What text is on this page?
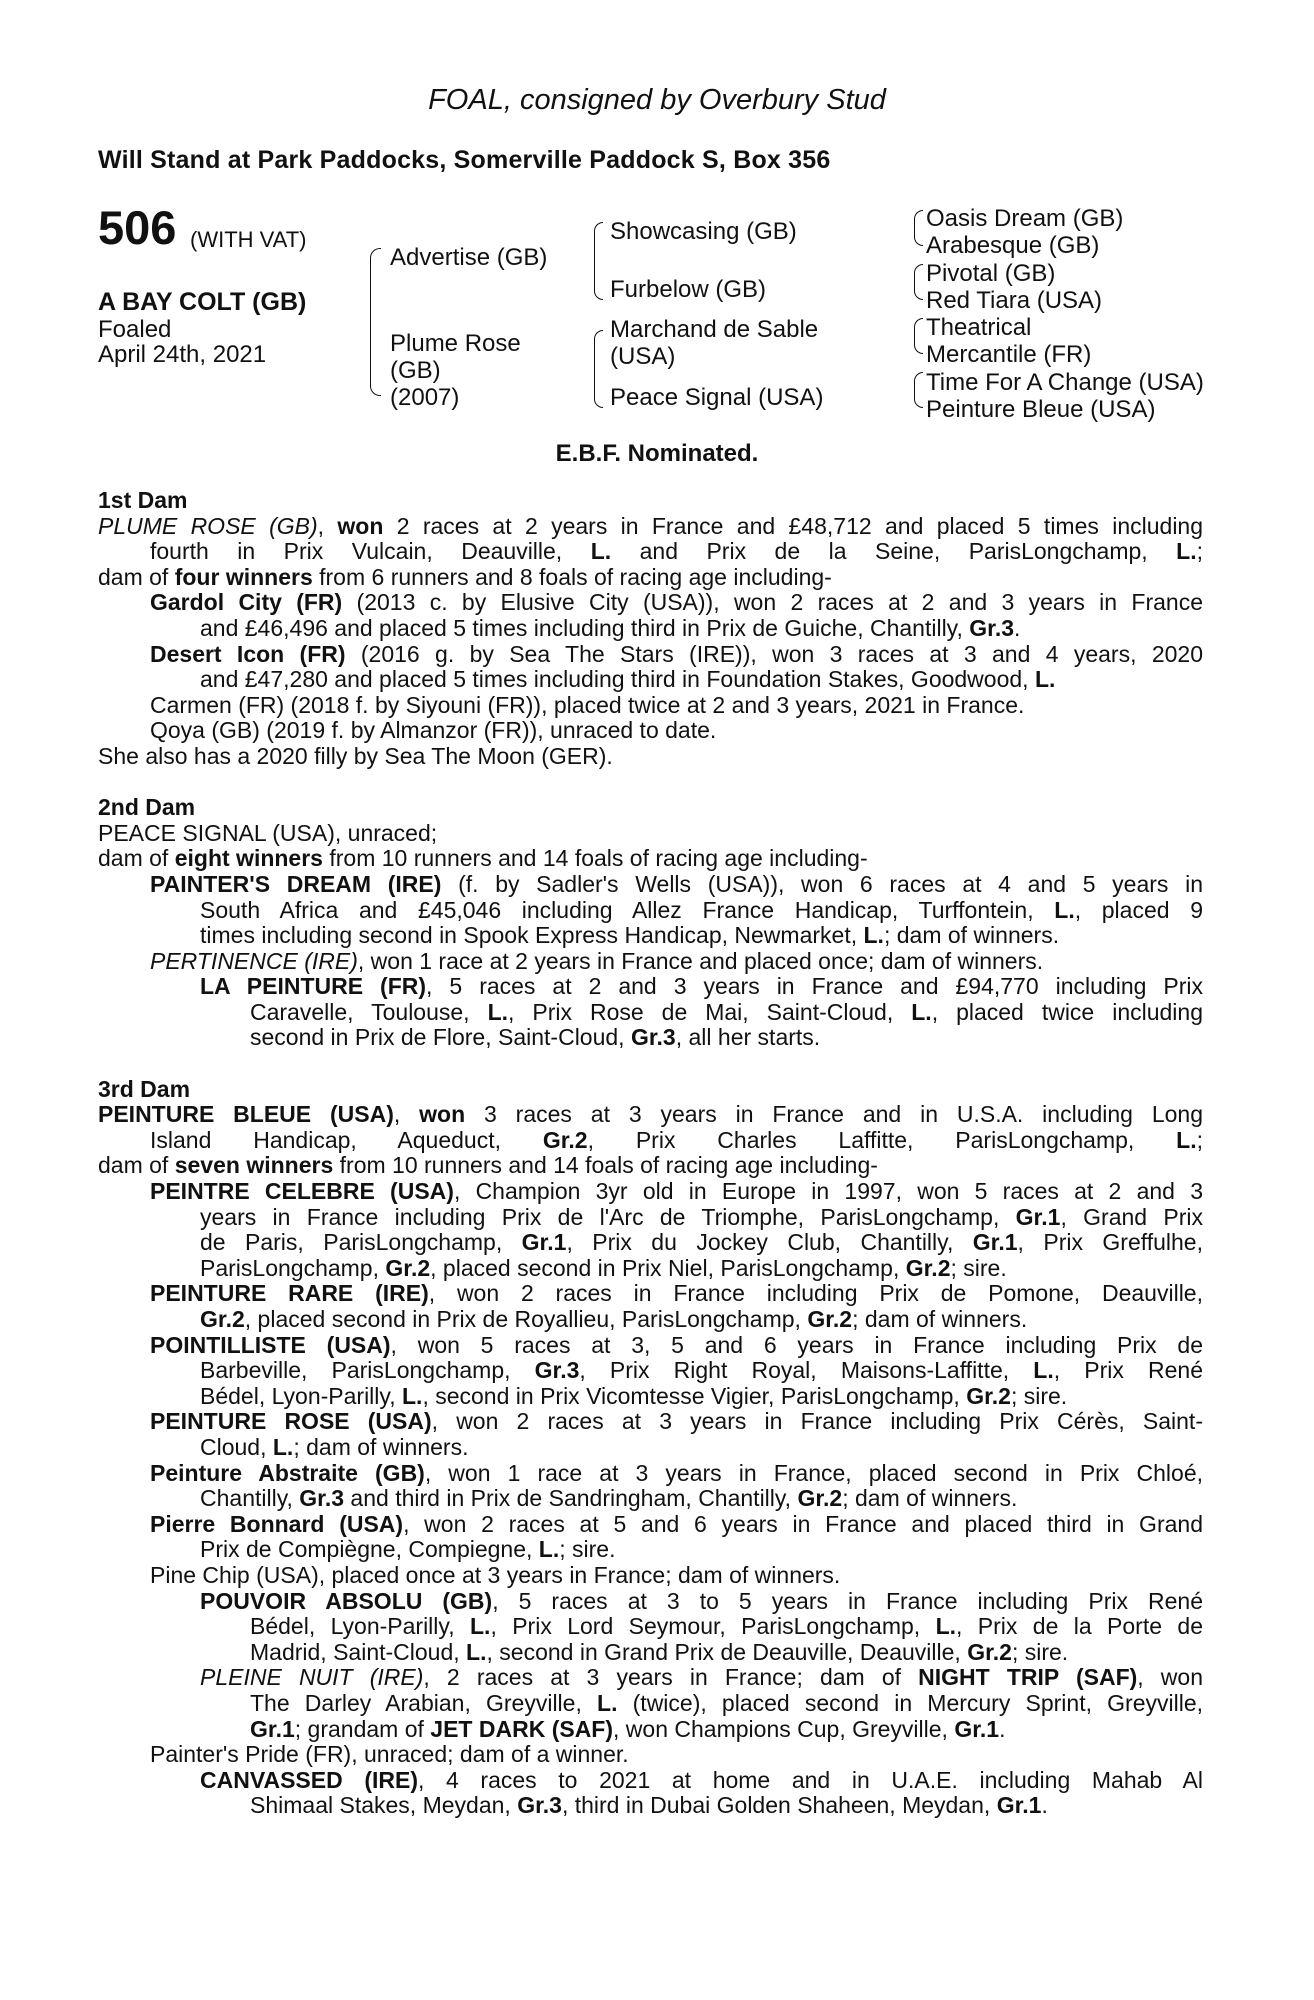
FOAL, consigned by Overbury Stud
Will Stand at Park Paddocks, Somerville Paddock S, Box 356
506 (WITH VAT)
A BAY COLT (GB)
Foaled
April 24th, 2021
Advertise (GB)
Plume Rose
(GB)
(2007)
Showcasing (GB)
Furbelow (GB)
Marchand de Sable
(USA)
Peace Signal (USA)
Oasis Dream (GB)
Arabesque (GB)
Pivotal (GB)
Red Tiara (USA)
Theatrical
Mercantile (FR)
Time For A Change (USA)
Peinture Bleue (USA)
E.B.F. Nominated.
1st Dam
PLUME ROSE (GB), won 2 races at 2 years in France and £48,712 and placed 5 times including
fourth in Prix Vulcain, Deauville, L. and Prix de la Seine, ParisLongchamp, L.;
dam of four winners from 6 runners and 8 foals of racing age including-
Gardol City (FR) (2013 c. by Elusive City (USA)), won 2 races at 2 and 3 years in France
and £46,496 and placed 5 times including third in Prix de Guiche, Chantilly, Gr.3.
Desert Icon (FR) (2016 g. by Sea The Stars (IRE)), won 3 races at 3 and 4 years, 2020
and £47,280 and placed 5 times including third in Foundation Stakes, Goodwood, L.
Carmen (FR) (2018 f. by Siyouni (FR)), placed twice at 2 and 3 years, 2021 in France.
Qoya (GB) (2019 f. by Almanzor (FR)), unraced to date.
She also has a 2020 filly by Sea The Moon (GER).
2nd Dam
PEACE SIGNAL (USA), unraced;
dam of eight winners from 10 runners and 14 foals of racing age including-
PAINTER'S DREAM (IRE) (f. by Sadler's Wells (USA)), won 6 races at 4 and 5 years in
South Africa and £45,046 including Allez France Handicap, Turffontein, L., placed 9
times including second in Spook Express Handicap, Newmarket, L.; dam of winners.
PERTINENCE (IRE), won 1 race at 2 years in France and placed once; dam of winners.
LA PEINTURE (FR), 5 races at 2 and 3 years in France and £94,770 including Prix
Caravelle, Toulouse, L., Prix Rose de Mai, Saint-Cloud, L., placed twice including
second in Prix de Flore, Saint-Cloud, Gr.3, all her starts.
3rd Dam
PEINTURE BLEUE (USA), won 3 races at 3 years in France and in U.S.A. including Long
Island Handicap, Aqueduct, Gr.2, Prix Charles Laffitte, ParisLongchamp, L.;
dam of seven winners from 10 runners and 14 foals of racing age including-
PEINTRE CELEBRE (USA), Champion 3yr old in Europe in 1997, won 5 races at 2 and 3
years in France including Prix de l'Arc de Triomphe, ParisLongchamp, Gr.1, Grand Prix
de Paris, ParisLongchamp, Gr.1, Prix du Jockey Club, Chantilly, Gr.1, Prix Greffulhe,
ParisLongchamp, Gr.2, placed second in Prix Niel, ParisLongchamp, Gr.2; sire.
PEINTURE RARE (IRE), won 2 races in France including Prix de Pomone, Deauville,
Gr.2, placed second in Prix de Royallieu, ParisLongchamp, Gr.2; dam of winners.
POINTILLISTE (USA), won 5 races at 3, 5 and 6 years in France including Prix de
Barbeville, ParisLongchamp, Gr.3, Prix Right Royal, Maisons-Laffitte, L., Prix René
Bédel, Lyon-Parilly, L., second in Prix Vicomtesse Vigier, ParisLongchamp, Gr.2; sire.
PEINTURE ROSE (USA), won 2 races at 3 years in France including Prix Cérès, Saint-
Cloud, L.; dam of winners.
Peinture Abstraite (GB), won 1 race at 3 years in France, placed second in Prix Chloé,
Chantilly, Gr.3 and third in Prix de Sandringham, Chantilly, Gr.2; dam of winners.
Pierre Bonnard (USA), won 2 races at 5 and 6 years in France and placed third in Grand
Prix de Compiègne, Compiegne, L.; sire.
Pine Chip (USA), placed once at 3 years in France; dam of winners.
POUVOIR ABSOLU (GB), 5 races at 3 to 5 years in France including Prix René
Bédel, Lyon-Parilly, L., Prix Lord Seymour, ParisLongchamp, L., Prix de la Porte de
Madrid, Saint-Cloud, L., second in Grand Prix de Deauville, Deauville, Gr.2; sire.
PLEINE NUIT (IRE), 2 races at 3 years in France; dam of NIGHT TRIP (SAF), won
The Darley Arabian, Greyville, L. (twice), placed second in Mercury Sprint, Greyville,
Gr.1; grandam of JET DARK (SAF), won Champions Cup, Greyville, Gr.1.
Painter's Pride (FR), unraced; dam of a winner.
CANVASSED (IRE), 4 races to 2021 at home and in U.A.E. including Mahab Al
Shimaal Stakes, Meydan, Gr.3, third in Dubai Golden Shaheen, Meydan, Gr.1.
